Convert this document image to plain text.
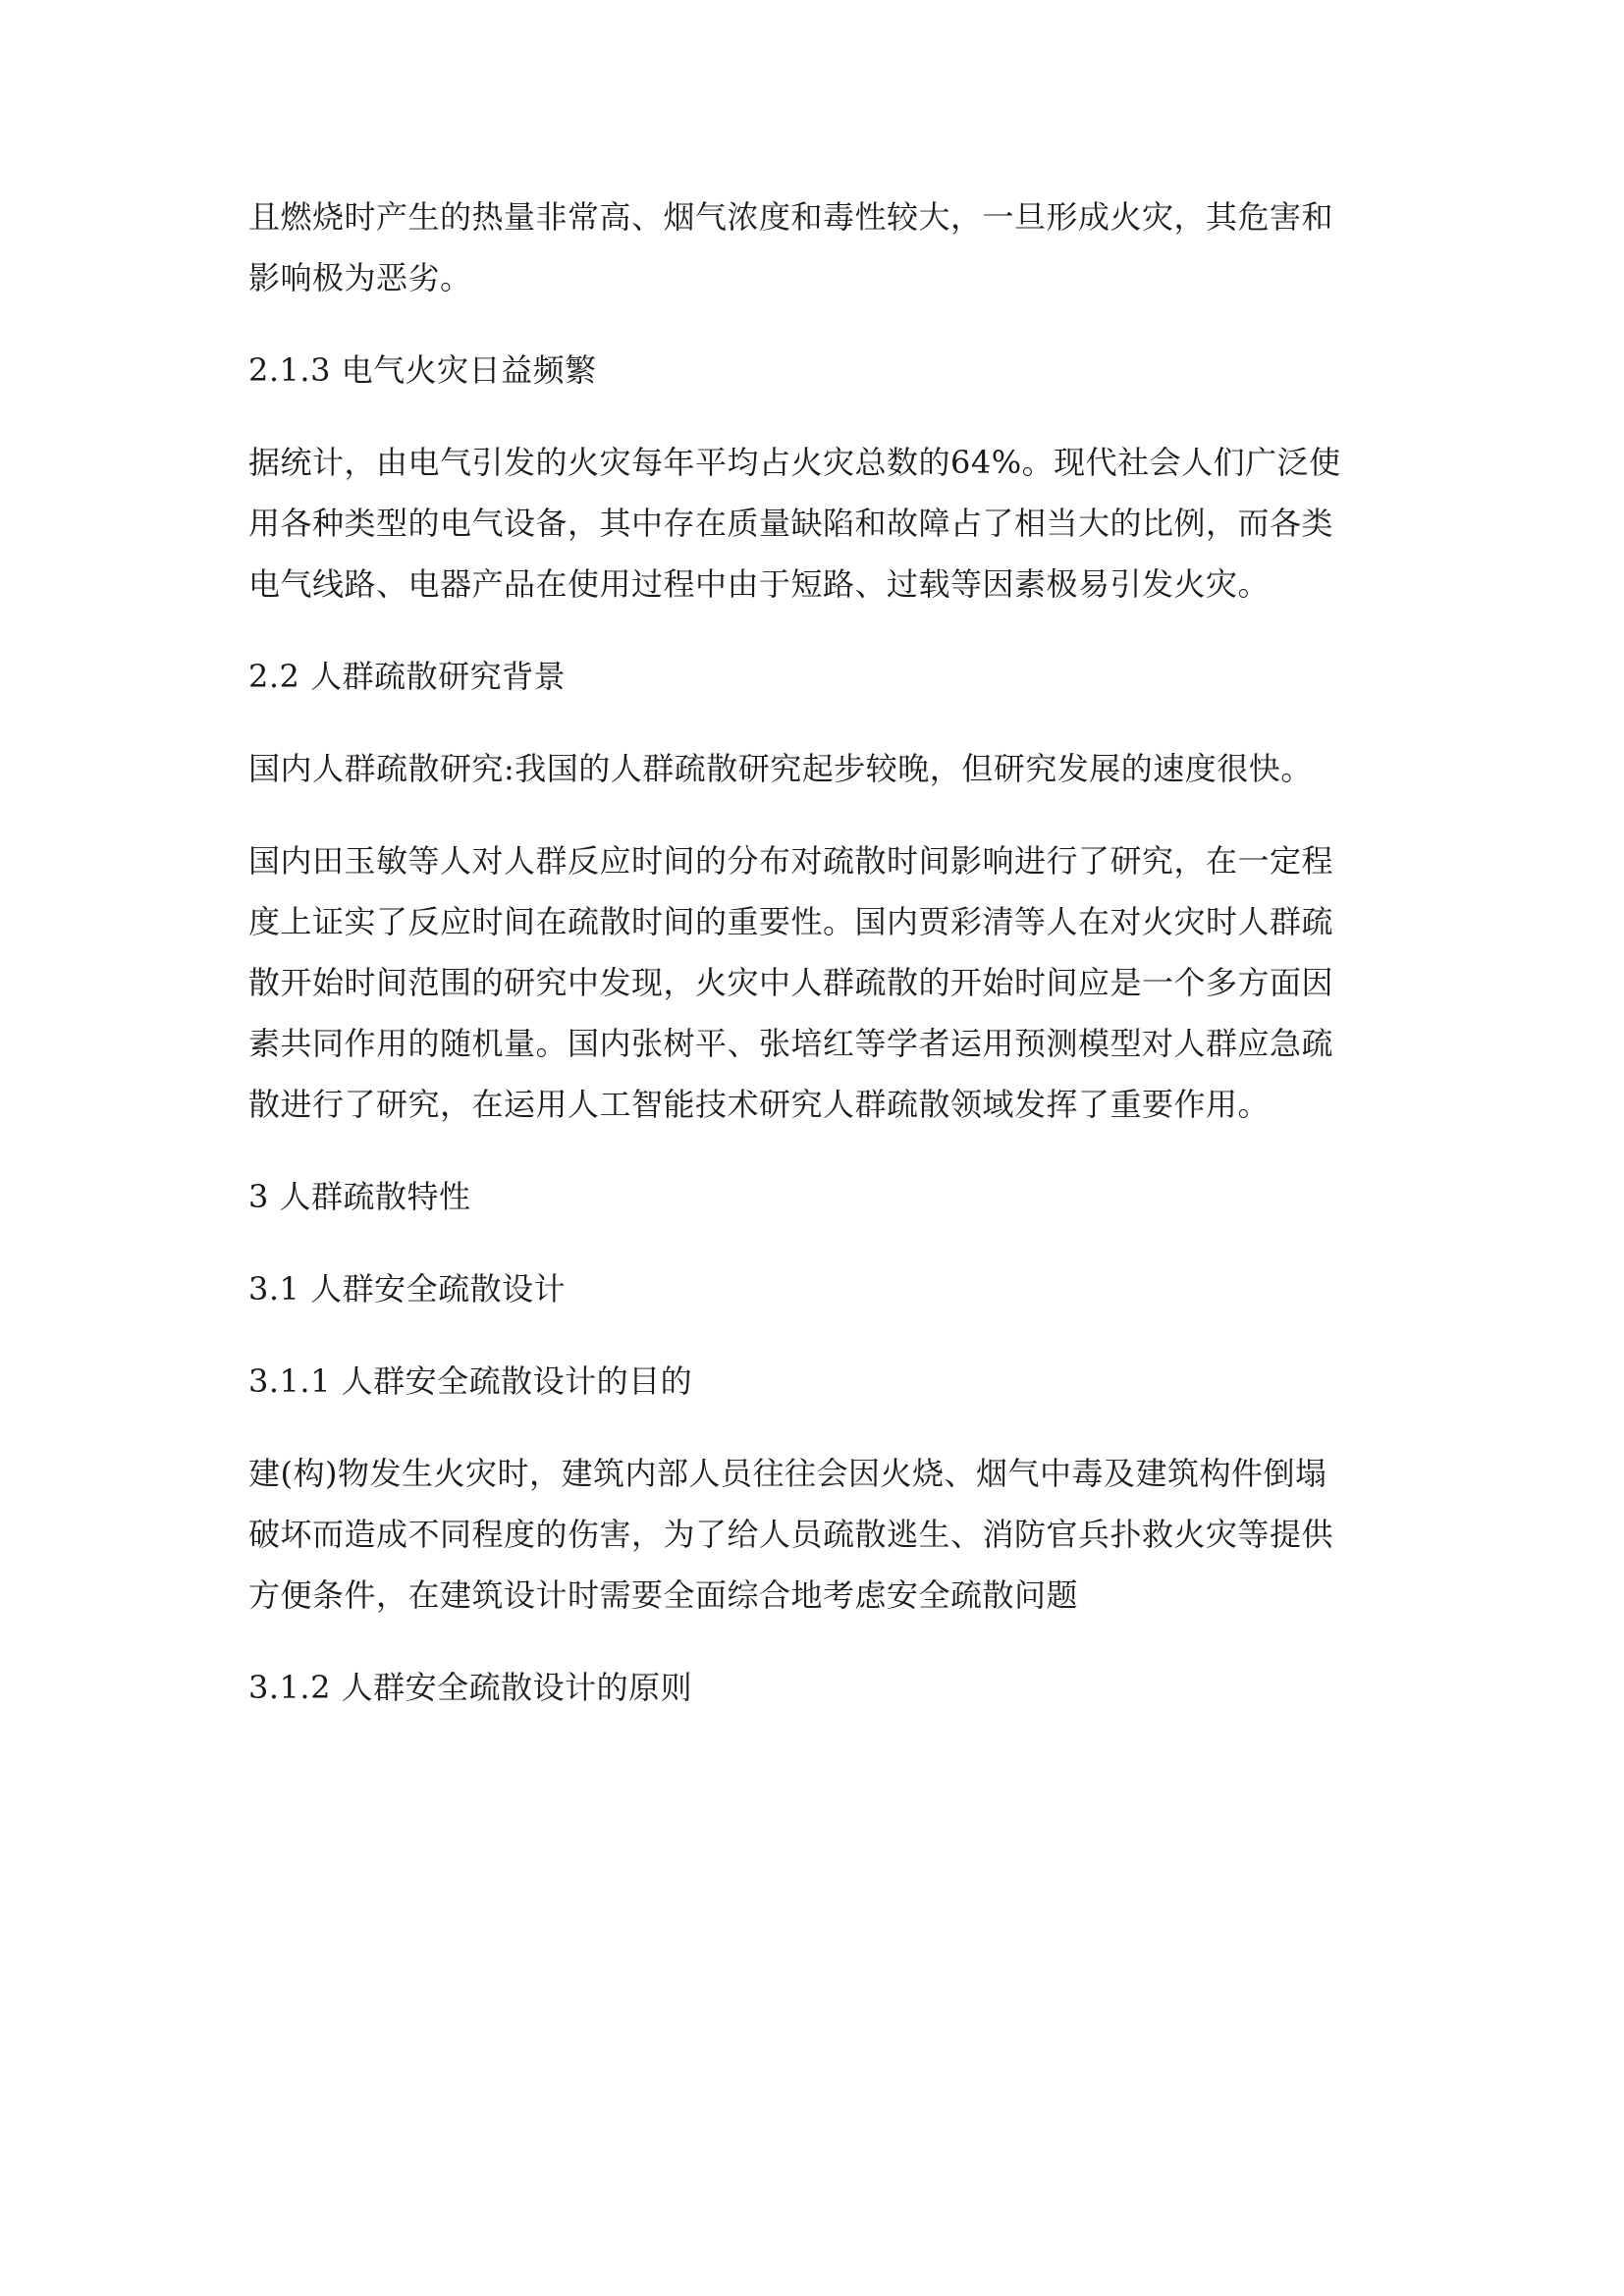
且燃烧时产生的热量非常高、烟气浓度和毒性较大，一旦形成火灾，其危害和
影响极为恶劣。
2.1.3 电气火灾日益频繁
据统计，由电气引发的火灾每年平均占火灾总数的64%。现代社会人们广泛使
用各种类型的电气设备，其中存在质量缺陷和故障占了相当大的比例，而各类
电气线路、电器产品在使用过程中由于短路、过载等因素极易引发火灾。
2.2 人群疏散研究背景
国内人群疏散研究:我国的人群疏散研究起步较晚，但研究发展的速度很快。
国内田玉敏等人对人群反应时间的分布对疏散时间影响进行了研究，在一定程
度上证实了反应时间在疏散时间的重要性。国内贾彩清等人在对火灾时人群疏
散开始时间范围的研究中发现，火灾中人群疏散的开始时间应是一个多方面因
素共同作用的随机量。国内张树平、张培红等学者运用预测模型对人群应急疏
散进行了研究，在运用人工智能技术研究人群疏散领域发挥了重要作用。
3 人群疏散特性
3.1 人群安全疏散设计
3.1.1 人群安全疏散设计的目的
建(构)物发生火灾时，建筑内部人员往往会因火烧、烟气中毒及建筑构件倒塌
破坏而造成不同程度的伤害，为了给人员疏散逃生、消防官兵扑救火灾等提供
方便条件，在建筑设计时需要全面综合地考虑安全疏散问题
3.1.2 人群安全疏散设计的原则
